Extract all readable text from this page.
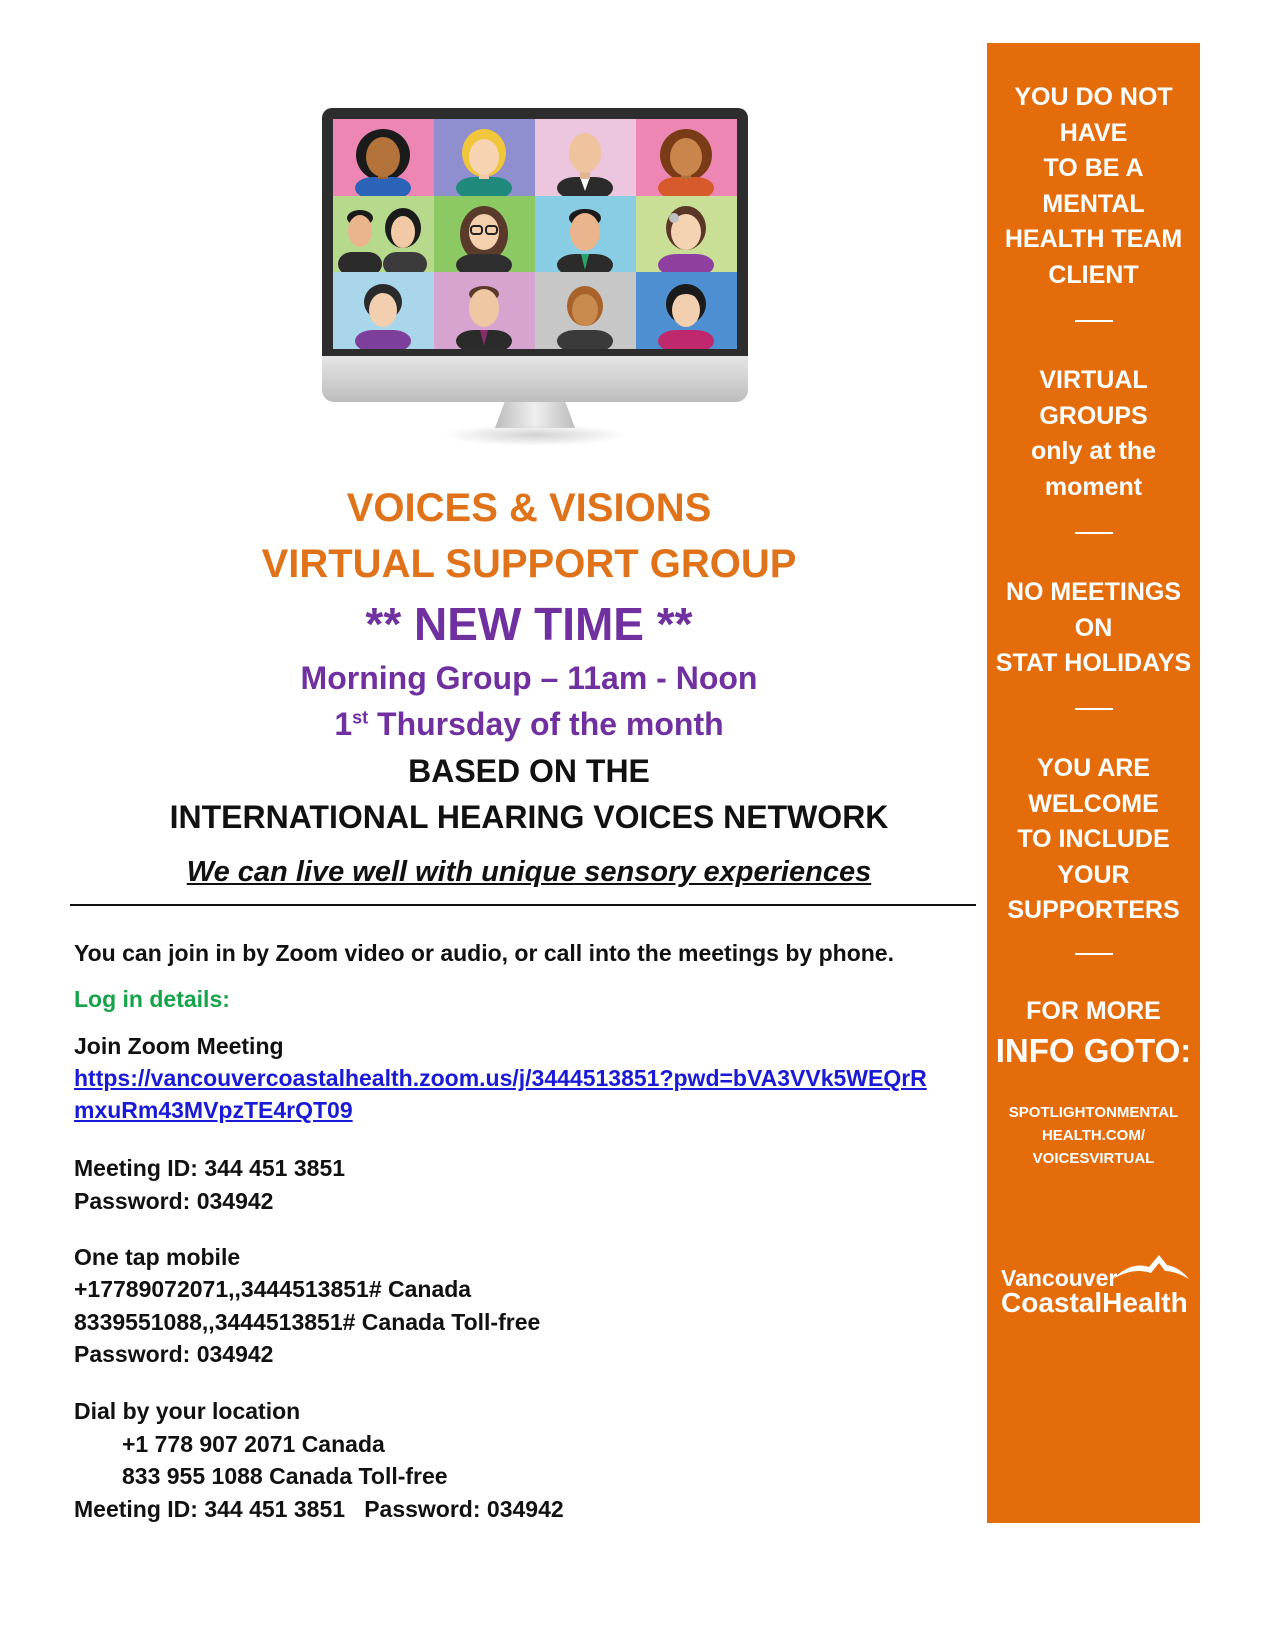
VOICES & VISIONS
VIRTUAL SUPPORT GROUP
** NEW TIME **
Morning Group – 11am - Noon
1st Thursday of the month
BASED ON THE
INTERNATIONAL HEARING VOICES NETWORK
We can live well with unique sensory experiences
You can join in by Zoom video or audio, or call into the meetings by phone.
Log in details:
Join Zoom Meeting
https://vancouvercoastalhealth.zoom.us/j/3444513851?pwd=bVA3VVk5WEQrR
mxuRm43MVpzTE4rQT09
Meeting ID: 344 451 3851
Password: 034942
One tap mobile
+17789072071,,3444513851# Canada
8339551088,,3444513851# Canada Toll-free
Password: 034942
Dial by your location
+1 778 907 2071 Canada
833 955 1088 Canada Toll-free
Meeting ID: 344 451 3851   Password: 034942
YOU DO NOT
HAVE
TO BE A
MENTAL
HEALTH TEAM
CLIENT
VIRTUAL
GROUPS
only at the
moment
NO MEETINGS
ON
STAT HOLIDAYS
YOU ARE
WELCOME
TO INCLUDE
YOUR
SUPPORTERS
FOR MORE
INFO GOTO:
SPOTLIGHTONMENTAL
HEALTH.COM/
VOICESVIRTUAL
Vancouver
CoastalHealth
